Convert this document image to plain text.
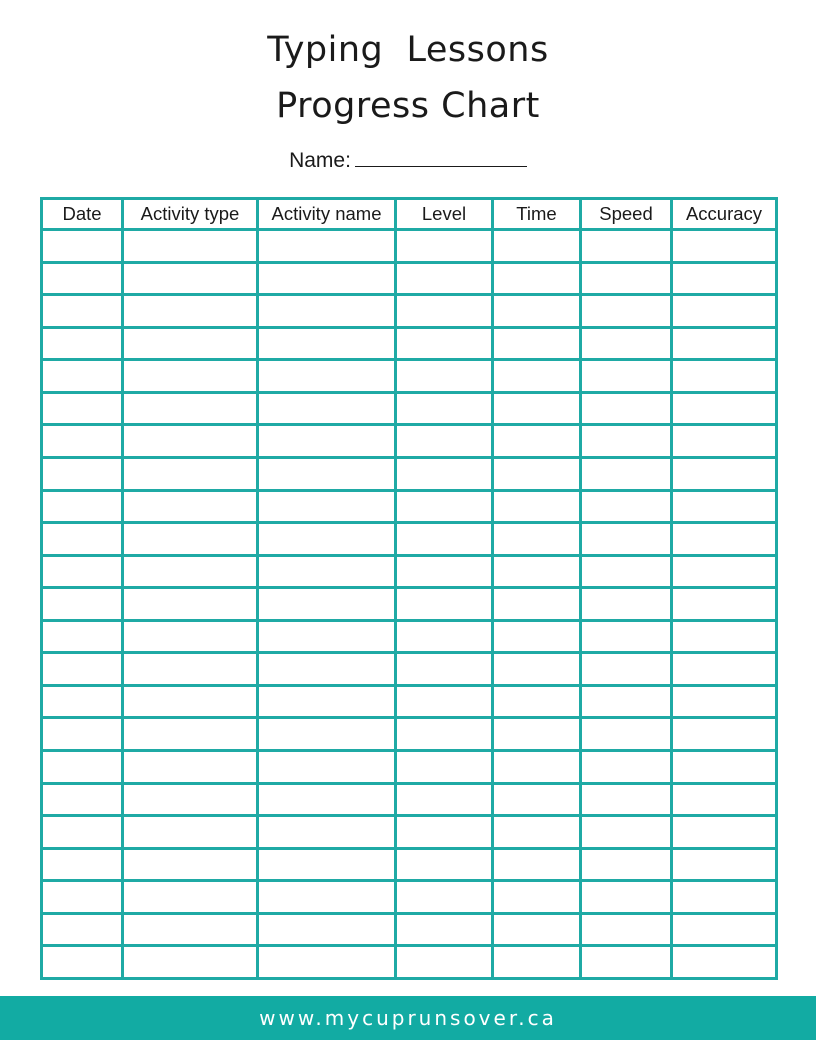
Typing  Lessons
Progress Chart
Name:
Date	Activity type	Activity name	Level	Time	Speed	Accuracy

www.mycuprunsover.ca
